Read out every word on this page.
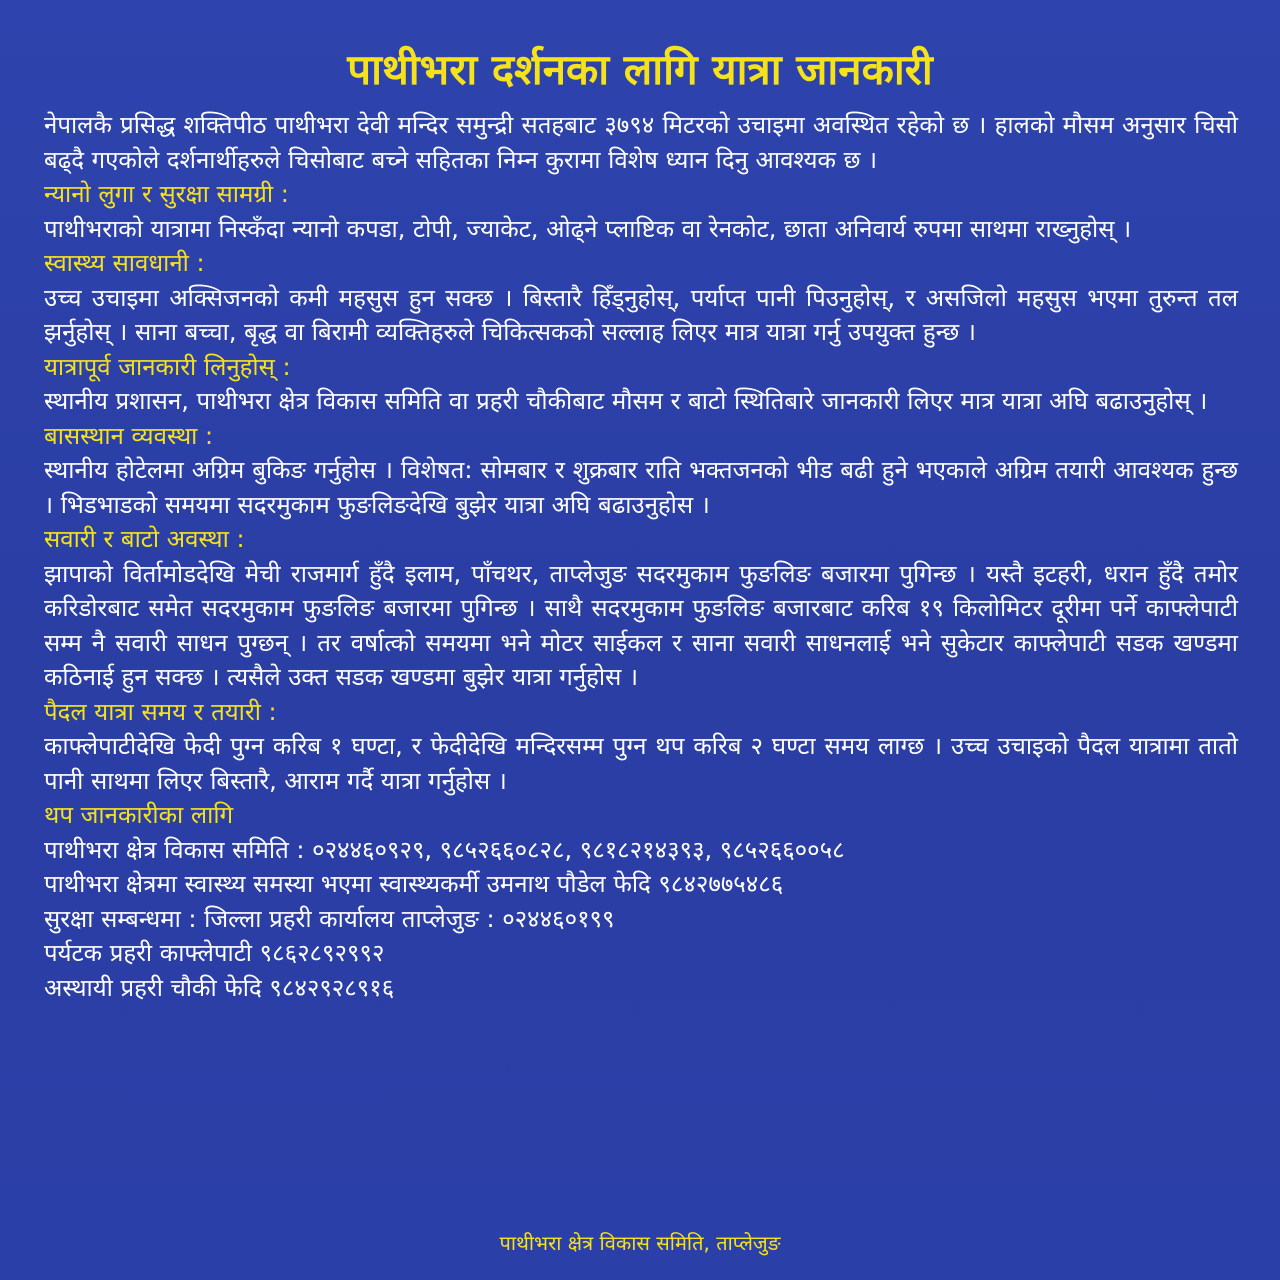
पाथीभरा दर्शनका लागि यात्रा जानकारी

नेपालकै प्रसिद्ध शक्तिपीठ पाथीभरा देवी मन्दिर समुन्द्री सतहबाट ३७९४ मिटरको उचाइमा अवस्थित रहेको छ । हालको मौसम अनुसार चिसो बढ्दै गएकोले दर्शनार्थीहरुले चिसोबाट बच्ने सहितका निम्न कुरामा विशेष ध्यान दिनु आवश्यक छ ।

न्यानो लुगा र सुरक्षा सामग्री :

पाथीभराको यात्रामा निस्कँदा न्यानो कपडा, टोपी, ज्याकेट, ओढ्ने प्लाष्टिक वा रेनकोट, छाता अनिवार्य रुपमा साथमा राख्नुहोस् ।

स्वास्थ्य सावधानी :

उच्च उचाइमा अक्सिजनको कमी महसुस हुन सक्छ । बिस्तारै हिँड्नुहोस्, पर्याप्त पानी पिउनुहोस्, र असजिलो महसुस भएमा तुरुन्त तल झर्नुहोस् । साना बच्चा, बृद्ध वा बिरामी व्यक्तिहरुले चिकित्सकको सल्लाह लिएर मात्र यात्रा गर्नु उपयुक्त हुन्छ ।

यात्रापूर्व जानकारी लिनुहोस् :

स्थानीय प्रशासन, पाथीभरा क्षेत्र विकास समिति वा प्रहरी चौकीबाट मौसम र बाटो स्थितिबारे जानकारी लिएर मात्र यात्रा अघि बढाउनुहोस् ।

बासस्थान व्यवस्था :

स्थानीय होटेलमा अग्रिम बुकिङ गर्नुहोस । विशेषत: सोमबार र शुक्रबार राति भक्तजनको भीड बढी हुने भएकाले अग्रिम तयारी आवश्यक हुन्छ । भिडभाडको समयमा सदरमुकाम फुङलिङदेखि बुझेर यात्रा अघि बढाउनुहोस ।

सवारी र बाटो अवस्था :

झापाको विर्तामोडदेखि मेची राजमार्ग हुँदै इलाम, पाँचथर, ताप्लेजुङ सदरमुकाम फुङलिङ बजारमा पुगिन्छ । यस्तै इटहरी, धरान हुँदै तमोर करिडोरबाट समेत सदरमुकाम फुङलिङ बजारमा पुगिन्छ । साथै सदरमुकाम फुङलिङ बजारबाट करिब १९ किलोमिटर दूरीमा पर्ने काफ्लेपाटी सम्म नै सवारी साधन पुग्छन् । तर वर्षात्को समयमा भने मोटर साईकल र साना सवारी साधनलाई भने सुकेटार काफ्लेपाटी सडक खण्डमा कठिनाई हुन सक्छ । त्यसैले उक्त सडक खण्डमा बुझेर यात्रा गर्नुहोस ।

पैदल यात्रा समय र तयारी :

काफ्लेपाटीदेखि फेदी पुग्न करिब १ घण्टा, र फेदीदेखि मन्दिरसम्म पुग्न थप करिब २ घण्टा समय लाग्छ । उच्च उचाइको पैदल यात्रामा तातो पानी साथमा लिएर बिस्तारै, आराम गर्दै यात्रा गर्नुहोस ।

थप जानकारीका लागि

पाथीभरा क्षेत्र विकास समिति : ०२४४६०९२९, ९८५२६६०८२८, ९८१८२१४३९३, ९८५२६६००५८

पाथीभरा क्षेत्रमा स्वास्थ्य समस्या भएमा स्वास्थ्यकर्मी उमनाथ पौडेल फेदि ९८४२७७५४८६

सुरक्षा सम्बन्धमा : जिल्ला प्रहरी कार्यालय ताप्लेजुङ : ०२४४६०१९९

पर्यटक प्रहरी काफ्लेपाटी ९८६२८९२९९२

अस्थायी प्रहरी चौकी फेदि ९८४२९२८९१६

पाथीभरा क्षेत्र विकास समिति, ताप्लेजुङ
